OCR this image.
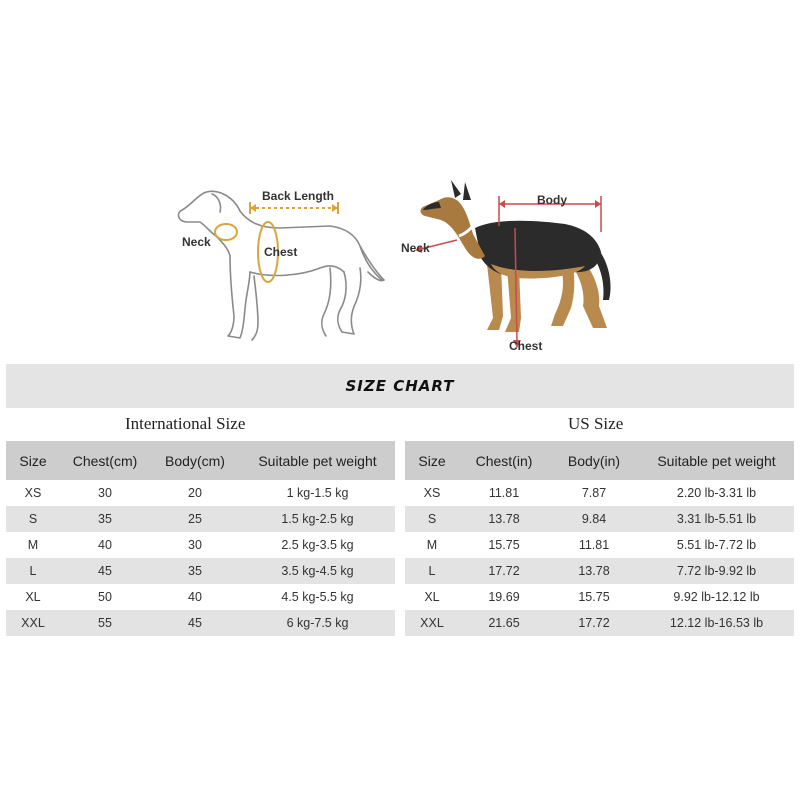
Back Length
Neck
Chest
Body
Neck
Chest
SIZE CHART
International Size	US Size
Size	Chest(cm)	Body(cm)	Suitable pet weight
XS	30	20	1 kg-1.5 kg
S	35	25	1.5 kg-2.5 kg
M	40	30	2.5 kg-3.5 kg
L	45	35	3.5 kg-4.5 kg
XL	50	40	4.5 kg-5.5 kg
XXL	55	45	6 kg-7.5 kg
Size	Chest(in)	Body(in)	Suitable pet weight
XS	11.81	7.87	2.20 lb-3.31 lb
S	13.78	9.84	3.31 lb-5.51 lb
M	15.75	11.81	5.51 lb-7.72 lb
L	17.72	13.78	7.72 lb-9.92 lb
XL	19.69	15.75	9.92 lb-12.12 lb
XXL	21.65	17.72	12.12 lb-16.53 lb
